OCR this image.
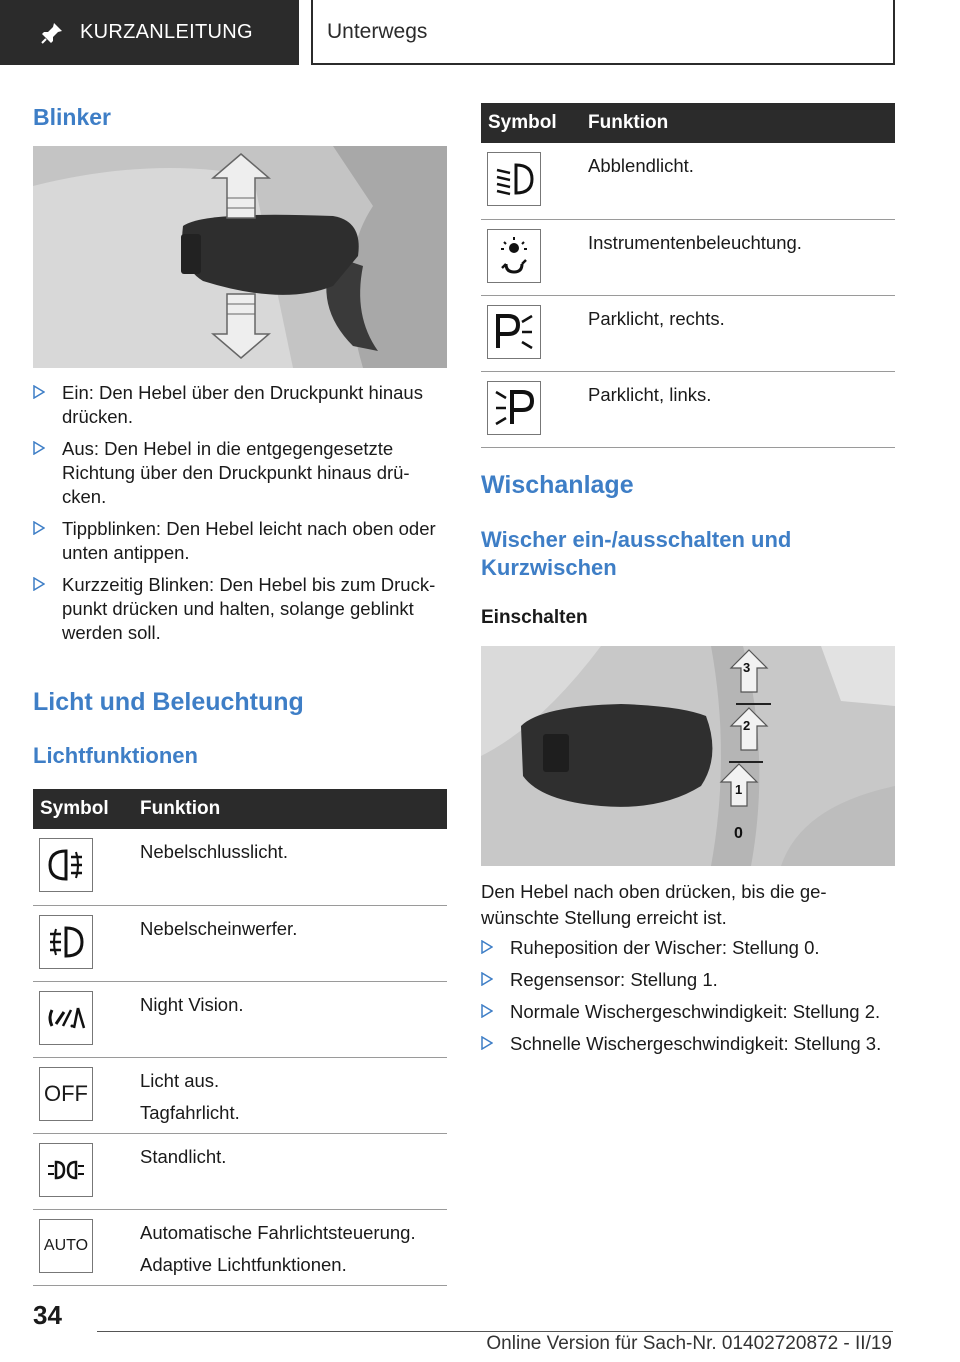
KURZANLEITUNG	Unterwegs
Blinker
Ein: Den Hebel über den Druckpunkt hinaus drücken.
Aus: Den Hebel in die entgegengesetzte Richtung über den Druckpunkt hinaus drü-cken.
Tippblinken: Den Hebel leicht nach oben oder unten antippen.
Kurzzeitig Blinken: Den Hebel bis zum Druck-punkt drücken und halten, solange geblinkt werden soll.
Licht und Beleuchtung
Lichtfunktionen
Symbol	Funktion

Nebelschlusslicht.

Nebelscheinwerfer.

Night Vision.

OFF	Licht aus.
Tagfahrlicht.

Standlicht.

AUTO	Automatische Fahrlichtsteuerung.
Adaptive Lichtfunktionen.
Symbol	Funktion

Abblendlicht.

Instrumentenbeleuchtung.

Parklicht, rechts.

Parklicht, links.
Wischanlage
Wischer ein-/ausschalten und Kurzwischen
Einschalten
3
2
1
0
Den Hebel nach oben drücken, bis die ge-wünschte Stellung erreicht ist.
Ruheposition der Wischer: Stellung 0.
Regensensor: Stellung 1.
Normale Wischergeschwindigkeit: Stellung 2.
Schnelle Wischergeschwindigkeit: Stellung 3.
34
Online Version für Sach-Nr. 01402720872 - II/19
